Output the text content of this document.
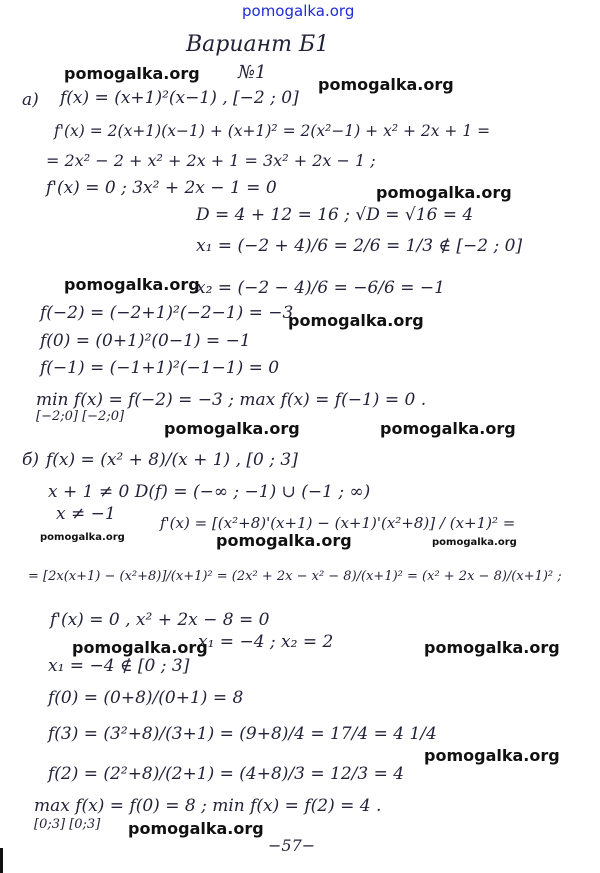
pomogalka.org
Вариант Б1
№1
а) f(x) = (x+1)²(x−1) , [−2 ; 0]
f'(x) = 2(x+1)(x−1) + (x+1)² = 2(x²−1) + x² + 2x + 1 =
= 2x² − 2 + x² + 2x + 1 = 3x² + 2x − 1 ;
f'(x) = 0 ; 3x² + 2x − 1 = 0
D = 4 + 12 = 16 ; √D = √16 = 4
x₁ = (−2 + 4)/6 = 2/6 = 1/3 ∉ [−2 ; 0]
x₂ = (−2 − 4)/6 = −6/6 = −1
f(−2) = (−2+1)²(−2−1) = −3
f(0) = (0+1)²(0−1) = −1
f(−1) = (−1+1)²(−1−1) = 0
min f(x) = f(−2) = −3 ; max f(x) = f(−1) = 0 .
[−2;0] [−2;0]
б) f(x) = (x² + 8)/(x + 1) , [0 ; 3]
x + 1 ≠ 0 D(f) = (−∞ ; −1) ∪ (−1 ; ∞)
x ≠ −1	f'(x) = [(x²+8)'(x+1) − (x+1)'(x²+8)] / (x+1)² =
= [2x(x+1) − (x²+8)]/(x+1)² = (2x² + 2x − x² − 8)/(x+1)² = (x² + 2x − 8)/(x+1)² ;
f'(x) = 0 , x² + 2x − 8 = 0
x₁ = −4 ; x₂ = 2
x₁ = −4 ∉ [0 ; 3]
f(0) = (0+8)/(0+1) = 8
f(3) = (3²+8)/(3+1) = (9+8)/4 = 17/4 = 4 1/4
f(2) = (2²+8)/(2+1) = (4+8)/3 = 12/3 = 4
max f(x) = f(0) = 8 ; min f(x) = f(2) = 4 .
[0;3] [0;3]
−57−
pomogalka.org
pomogalka.org
pomogalka.org
pomogalka.org
pomogalka.org
pomogalka.org	pomogalka.org
pomogalka.org	pomogalka.org	pomogalka.org
pomogalka.org	pomogalka.org
pomogalka.org
pomogalka.org
